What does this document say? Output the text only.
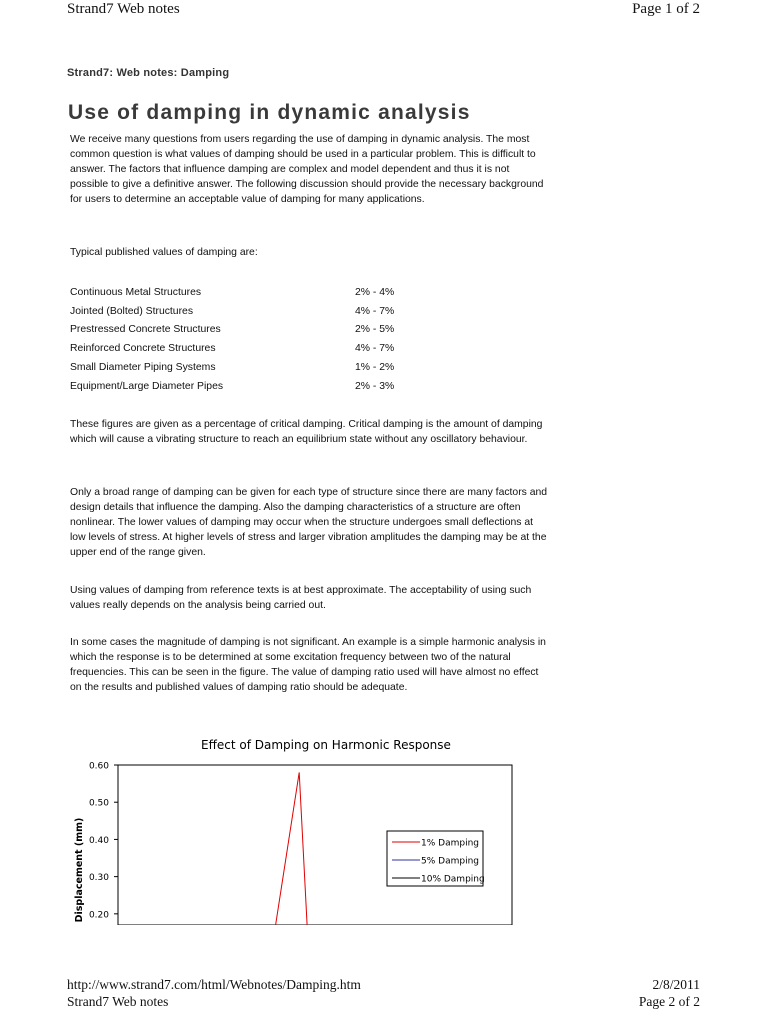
Strand7 Web notes	Page 1 of 2
Strand7: Web notes: Damping
Use of damping in dynamic analysis

We receive many questions from users regarding the use of damping in dynamic analysis. The most common question is what values of damping should be used in a particular problem. This is difficult to answer. The factors that influence damping are complex and model dependent and thus it is not possible to give a definitive answer. The following discussion should provide the necessary background for users to determine an acceptable value of damping for many applications.

Typical published values of damping are:

Continuous Metal Structures	2% - 4%
Jointed (Bolted) Structures	4% - 7%
Prestressed Concrete Structures	2% - 5%
Reinforced Concrete Structures	4% - 7%
Small Diameter Piping Systems	1% - 2%
Equipment/Large Diameter Pipes	2% - 3%

These figures are given as a percentage of critical damping. Critical damping is the amount of damping which will cause a vibrating structure to reach an equilibrium state without any oscillatory behaviour.

Only a broad range of damping can be given for each type of structure since there are many factors and design details that influence the damping. Also the damping characteristics of a structure are often nonlinear. The lower values of damping may occur when the structure undergoes small deflections at low levels of stress. At higher levels of stress and larger vibration amplitudes the damping may be at the upper end of the range given.

Using values of damping from reference texts is at best approximate. The acceptability of using such values really depends on the analysis being carried out.

In some cases the magnitude of damping is not significant. An example is a simple harmonic analysis in which the response is to be determined at some excitation frequency between two of the natural frequencies. This can be seen in the figure. The value of damping ratio used will have almost no effect on the results and published values of damping ratio should be adequate.

Effect of Damping on Harmonic Response
Displacement (mm)
0.60
0.50
0.40
0.30
0.20
1% Damping
5% Damping
10% Damping
http://www.strand7.com/html/Webnotes/Damping.htm
Strand7 Web notes
2/8/2011
Page 2 of 2
